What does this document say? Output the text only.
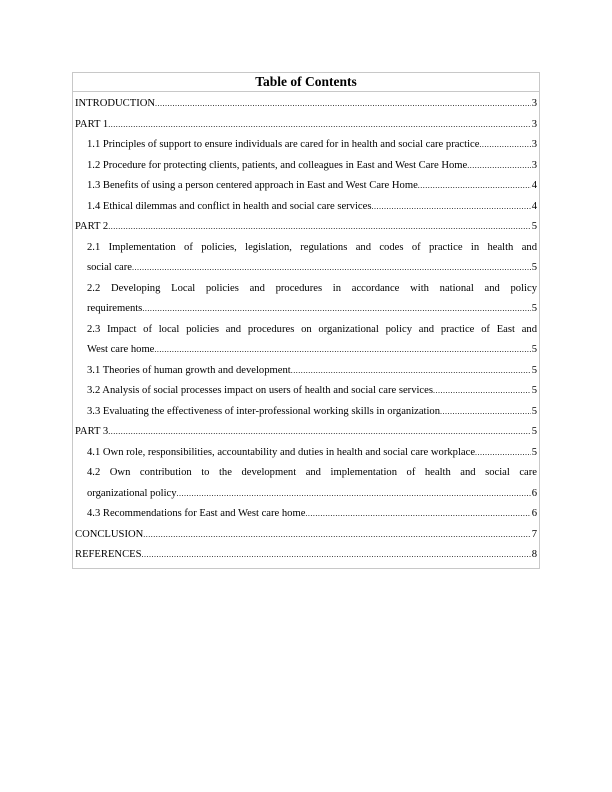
Table of Contents
INTRODUCTION .....	3
PART 1 .....	3
1.1 Principles of support to ensure individuals are cared for in health and social care practice .....	3
1.2 Procedure for protecting clients, patients, and colleagues in East and West Care Home .....	3
1.3 Benefits of using a person centered approach in East and West Care Home .....	4
1.4 Ethical dilemmas and conflict in health and social care services .....	4
PART 2 .....	5
2.1 Implementation of policies, legislation, regulations and codes of practice in health and
social care .....	5
2.2 Developing Local policies and procedures in accordance with national and policy
requirements .....	5
2.3 Impact of local policies and procedures on organizational policy and practice of East and
West care home .....	5
3.1 Theories of human growth and development .....	5
3.2 Analysis of social processes impact on users of health and social care services .....	5
3.3 Evaluating the effectiveness of inter-professional working skills in organization .....	5
PART 3 .....	5
4.1 Own role, responsibilities, accountability and duties in health and social care workplace .....	5
4.2 Own contribution to the development and implementation of health and social care
organizational policy .....	6
4.3 Recommendations for East and West care home .....	6
CONCLUSION .....	7
REFERENCES .....	8
